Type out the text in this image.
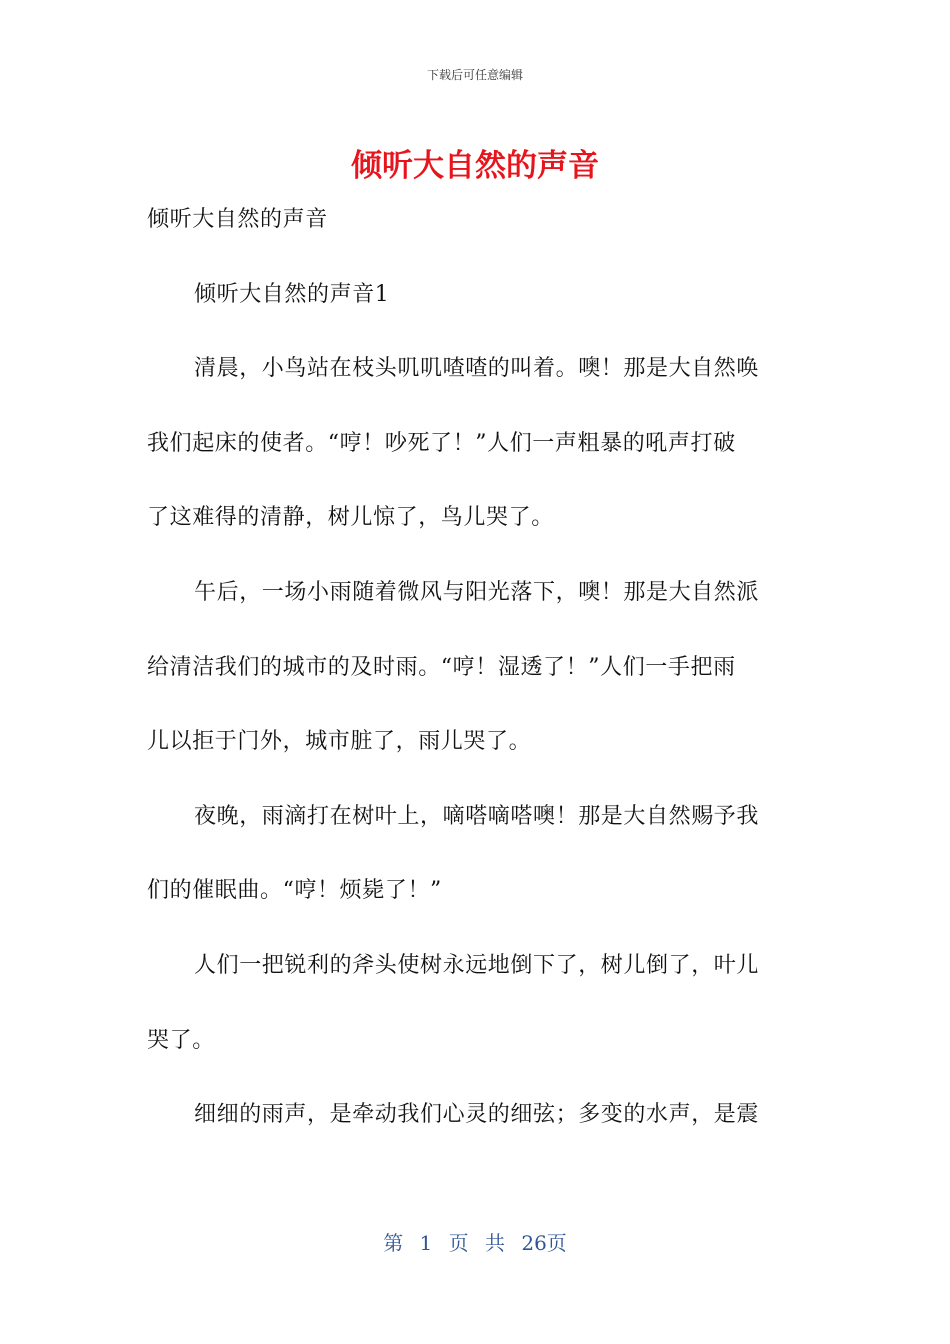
下载后可任意编辑
倾听大自然的声音
倾听大自然的声音
倾听大自然的声音1
清晨，小鸟站在枝头叽叽喳喳的叫着。噢！那是大自然唤
我们起床的使者。“哼！吵死了！”人们一声粗暴的吼声打破
了这难得的清静，树儿惊了，鸟儿哭了。
午后，一场小雨随着微风与阳光落下，噢！那是大自然派
给清洁我们的城市的及时雨。“哼！湿透了！”人们一手把雨
儿以拒于门外，城市脏了，雨儿哭了。
夜晚，雨滴打在树叶上，嘀嗒嘀嗒噢！那是大自然赐予我
们的催眠曲。“哼！烦毙了！”
人们一把锐利的斧头使树永远地倒下了，树儿倒了，叶儿
哭了。
细细的雨声，是牵动我们心灵的细弦；多变的水声，是震
第 1 页 共 26页
